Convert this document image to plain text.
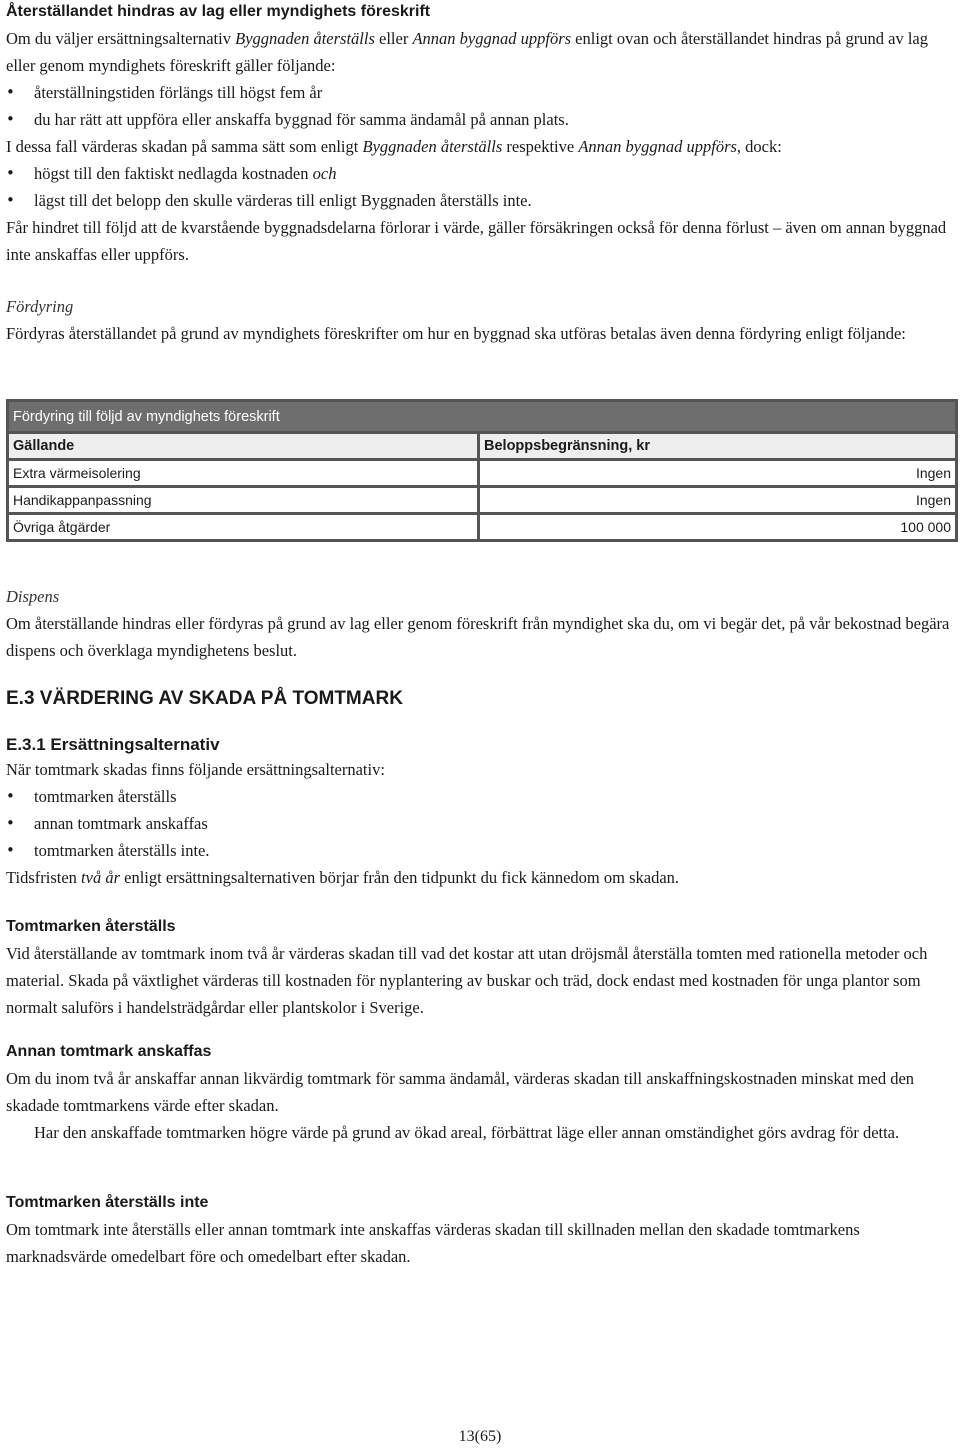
Återställandet hindras av lag eller myndighets föreskrift

Om du väljer ersättningsalternativ Byggnaden återställs eller Annan byggnad uppförs enligt ovan och återställandet hindras på grund av lag eller genom myndighets föreskrift gäller följande:

• återställningstiden förlängs till högst fem år
• du har rätt att uppföra eller anskaffa byggnad för samma ändamål på annan plats.

I dessa fall värderas skadan på samma sätt som enligt Byggnaden återställs respektive Annan byggnad uppförs, dock:

• högst till den faktiskt nedlagda kostnaden och
• lägst till det belopp den skulle värderas till enligt Byggnaden återställs inte.

Får hindret till följd att de kvarstående byggnadsdelarna förlorar i värde, gäller försäkringen också för denna förlust – även om annan byggnad inte anskaffas eller uppförs.

Fördyring

Fördyras återställandet på grund av myndighets föreskrifter om hur en byggnad ska utföras betalas även denna fördyring enligt följande:

Fördyring till följd av myndighets föreskrift	
Gällande	Beloppsbegränsning, kr
Extra värmeisolering	Ingen
Handikappanpassning	Ingen
Övriga åtgärder	100 000
Dispens

Om återställande hindras eller fördyras på grund av lag eller genom föreskrift från myndighet ska du, om vi begär det, på vår bekostnad begära dispens och överklaga myndighetens beslut.

E.3 VÄRDERING AV SKADA PÅ TOMTMARK
E.3.1 Ersättningsalternativ

När tomtmark skadas finns följande ersättningsalternativ:

• tomtmarken återställs
• annan tomtmark anskaffas
• tomtmarken återställs inte.

Tidsfristen två år enligt ersättningsalternativen börjar från den tidpunkt du fick kännedom om skadan.

Tomtmarken återställs

Vid återställande av tomtmark inom två år värderas skadan till vad det kostar att utan dröjsmål återställa tomten med rationella metoder och material. Skada på växtlighet värderas till kostnaden för nyplantering av buskar och träd, dock endast med kostnaden för unga plantor som normalt saluförs i handelsträdgårdar eller plantskolor i Sverige.

Annan tomtmark anskaffas

Om du inom två år anskaffar annan likvärdig tomtmark för samma ändamål, värderas skadan till anskaffningskostnaden minskat med den skadade tomtmarkens värde efter skadan.

Har den anskaffade tomtmarken högre värde på grund av ökad areal, förbättrat läge eller annan omständighet görs avdrag för detta.

Tomtmarken återställs inte

Om tomtmark inte återställs eller annan tomtmark inte anskaffas värderas skadan till skillnaden mellan den skadade tomtmarkens marknadsvärde omedelbart före och omedelbart efter skadan.

13(65)
